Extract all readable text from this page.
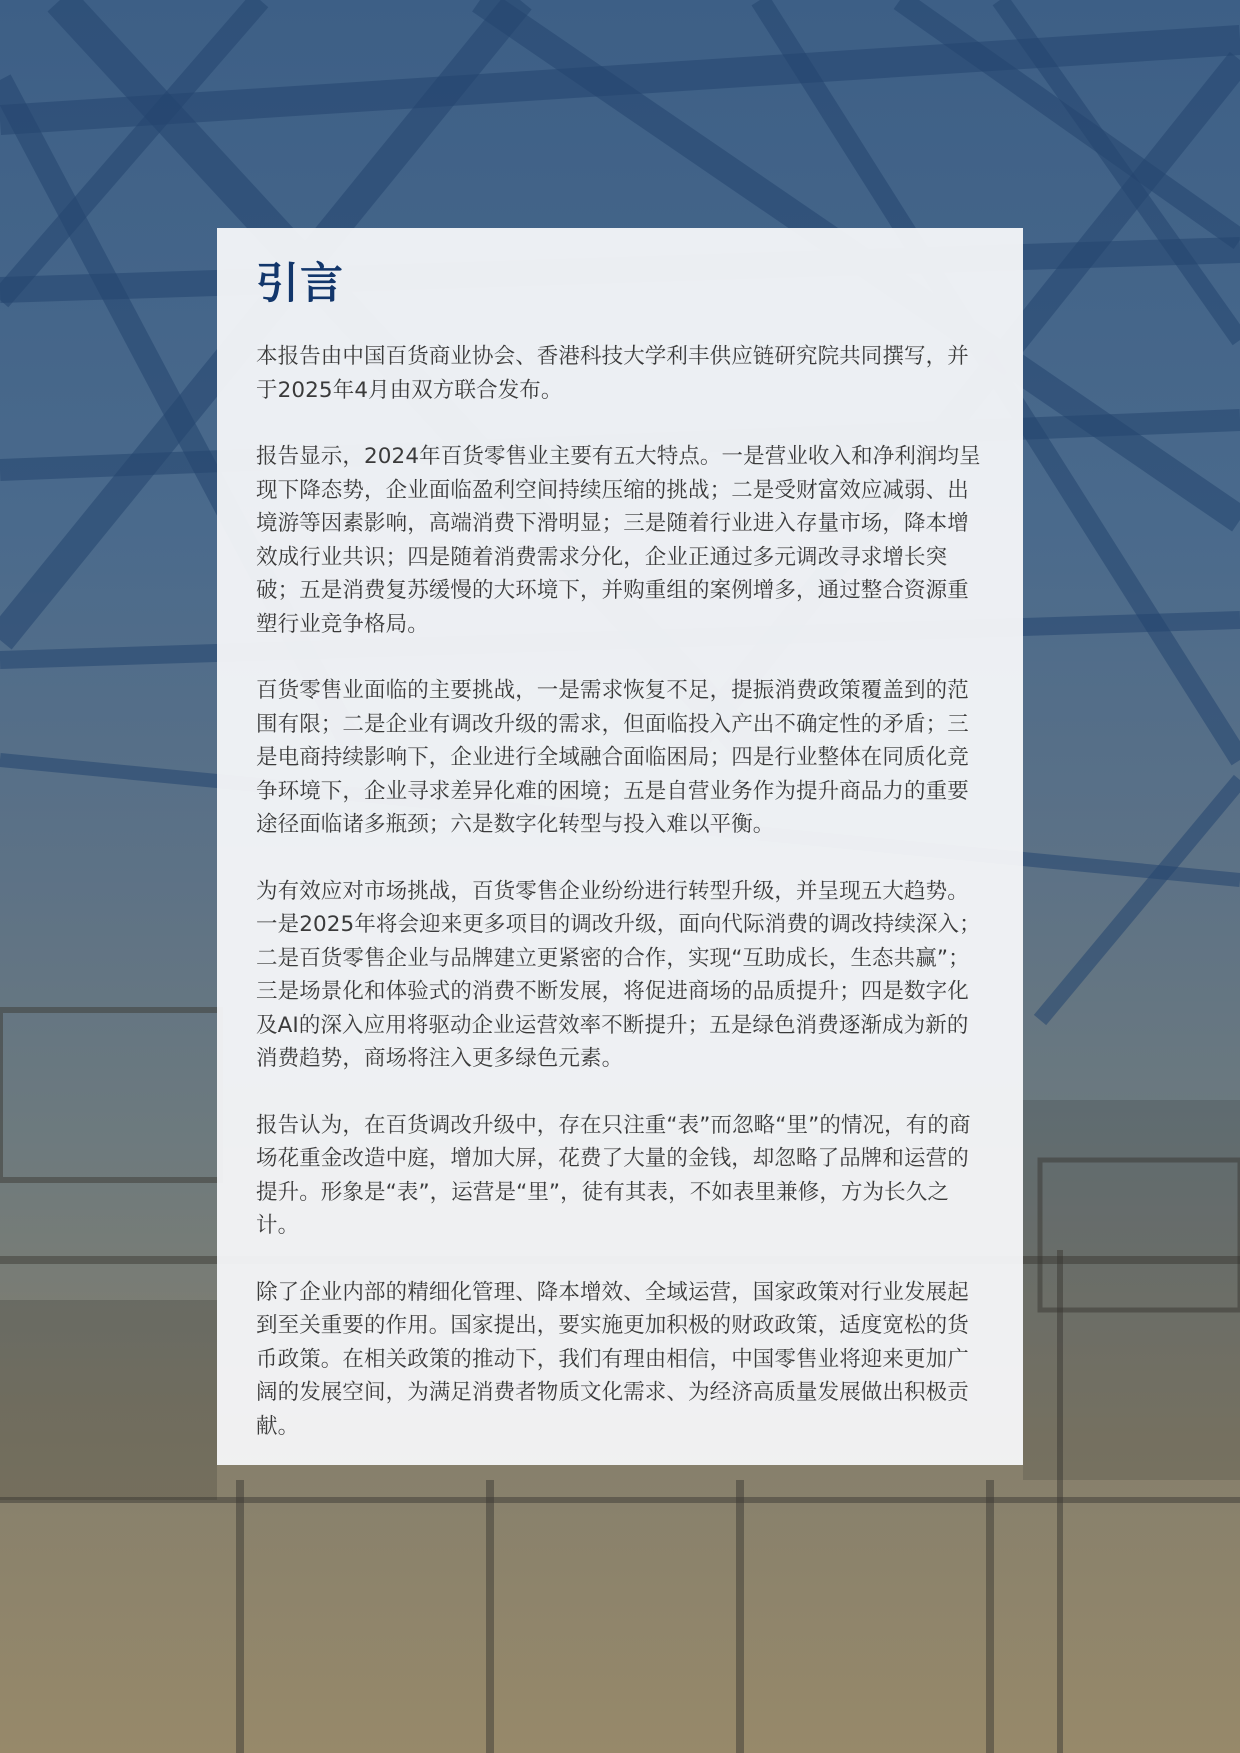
引言

本报告由中国百货商业协会、香港科技大学利丰供应链研究院共同撰写，并于2025年4月由双方联合发布。

报告显示，2024年百货零售业主要有五大特点。一是营业收入和净利润均呈现下降态势，企业面临盈利空间持续压缩的挑战；二是受财富效应减弱、出境游等因素影响，高端消费下滑明显；三是随着行业进入存量市场，降本增效成行业共识；四是随着消费需求分化，企业正通过多元调改寻求增长突破；五是消费复苏缓慢的大环境下，并购重组的案例增多，通过整合资源重塑行业竞争格局。

百货零售业面临的主要挑战，一是需求恢复不足，提振消费政策覆盖到的范围有限；二是企业有调改升级的需求，但面临投入产出不确定性的矛盾；三是电商持续影响下，企业进行全域融合面临困局；四是行业整体在同质化竞争环境下，企业寻求差异化难的困境；五是自营业务作为提升商品力的重要途径面临诸多瓶颈；六是数字化转型与投入难以平衡。

为有效应对市场挑战，百货零售企业纷纷进行转型升级，并呈现五大趋势。一是2025年将会迎来更多项目的调改升级，面向代际消费的调改持续深入；二是百货零售企业与品牌建立更紧密的合作，实现“互助成长，生态共赢”；三是场景化和体验式的消费不断发展，将促进商场的品质提升；四是数字化及AI的深入应用将驱动企业运营效率不断提升；五是绿色消费逐渐成为新的消费趋势，商场将注入更多绿色元素。

报告认为，在百货调改升级中，存在只注重“表”而忽略“里”的情况，有的商场花重金改造中庭，增加大屏，花费了大量的金钱，却忽略了品牌和运营的提升。形象是“表”，运营是“里”，徒有其表，不如表里兼修，方为长久之计。

除了企业内部的精细化管理、降本增效、全域运营，国家政策对行业发展起到至关重要的作用。国家提出，要实施更加积极的财政政策，适度宽松的货币政策。在相关政策的推动下，我们有理由相信，中国零售业将迎来更加广阔的发展空间，为满足消费者物质文化需求、为经济高质量发展做出积极贡献。
